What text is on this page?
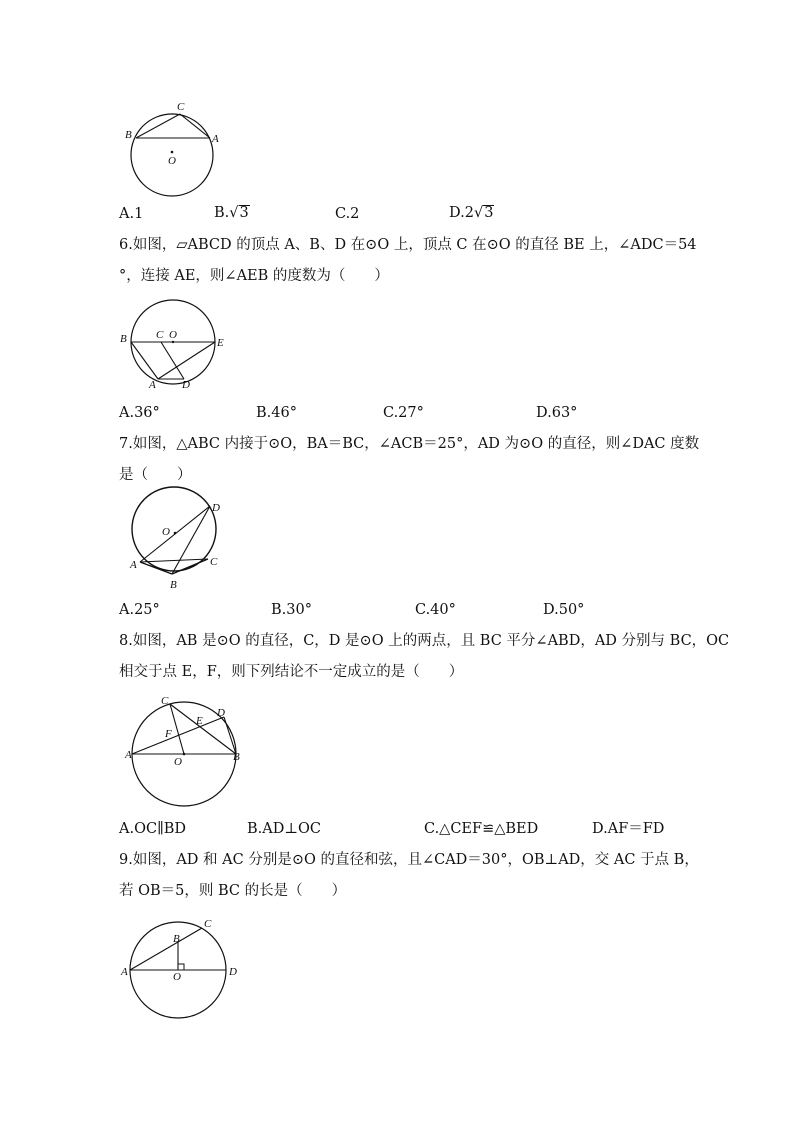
C
B	A
O
A.1	B.√3	C.2	D.2√3
6.如图，▱ABCD 的顶点 A、B、D 在⊙O 上，顶点 C 在⊙O 的直径 BE 上，∠ADC＝54
°，连接 AE，则∠AEB 的度数为（　　）
B	C O
E
A D
A.36°	B.46°	C.27°	D.63°
7.如图，△ABC 内接于⊙O，BA＝BC，∠ACB＝25°，AD 为⊙O 的直径，则∠DAC 度数
是（　　）
O
D
A
B
C
A.25°	B.30°	C.40°	D.50°
8.如图，AB 是⊙O 的直径，C，D 是⊙O 上的两点，且 BC 平分∠ABD，AD 分别与 BC，OC
相交于点 E，F，则下列结论不一定成立的是（　　）
C
D
E
F
A
O	B
A.OC∥BD	B.AD⊥OC	C.△CEF≌△BED	D.AF＝FD
9.如图，AD 和 AC 分别是⊙O 的直径和弦，且∠CAD＝30°，OB⊥AD，交 AC 于点 B，
若 OB＝5，则 BC 的长是（　　）
C
B
A	O	D
